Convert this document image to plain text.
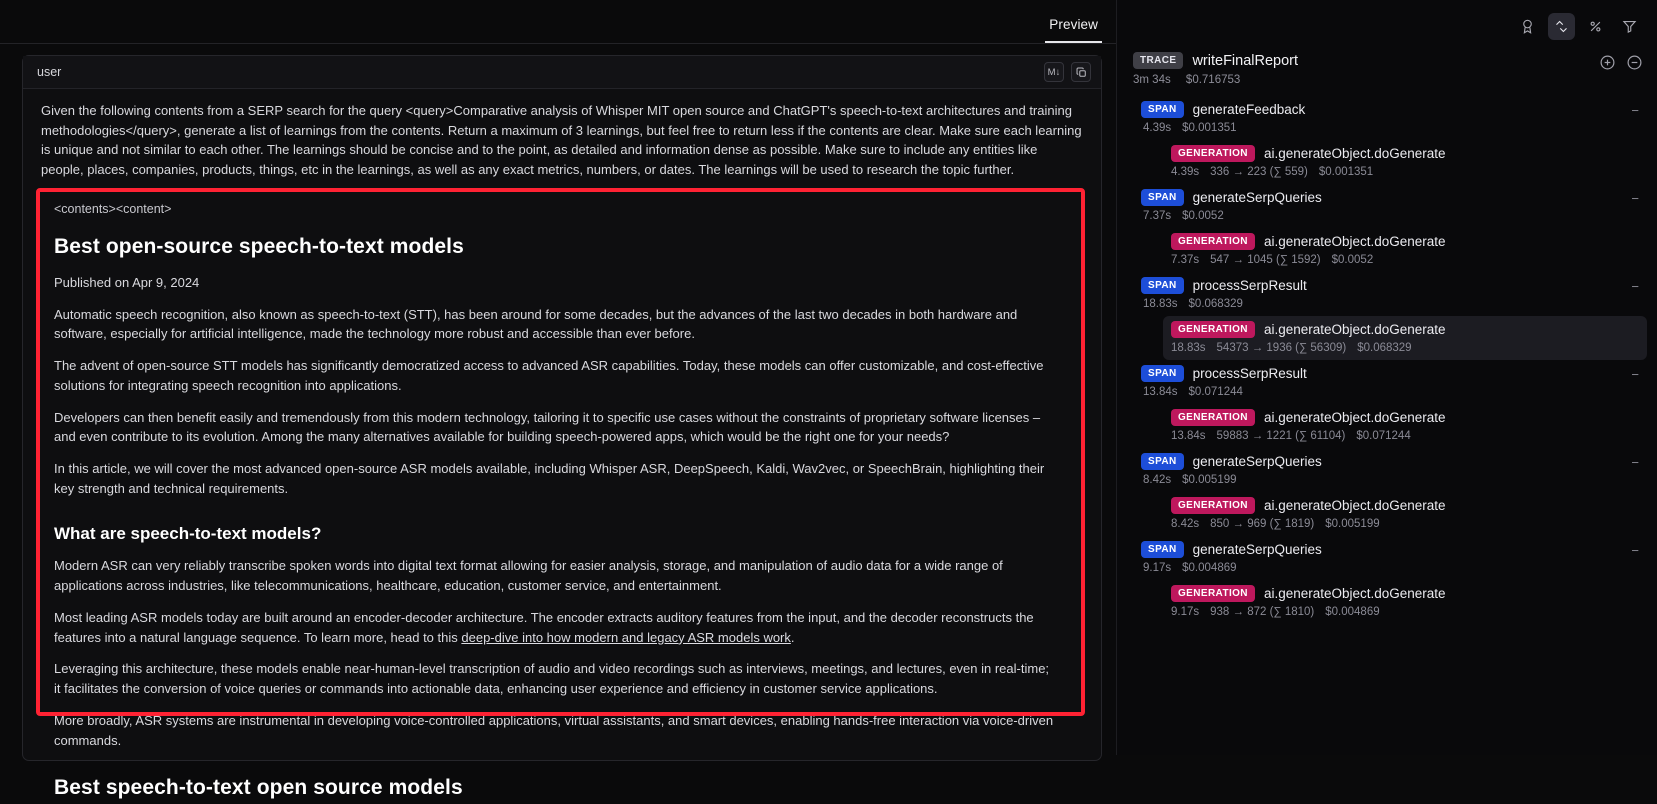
Preview
user	M↓

Given the following contents from a SERP search for the query <query>Comparative analysis of Whisper MIT open source and ChatGPT's speech-to-text architectures and training methodologies</query>, generate a list of learnings from the contents. Return a maximum of 3 learnings, but feel free to return less if the contents are clear. Make sure each learning is unique and not similar to each other. The learnings should be concise and to the point, as detailed and information dense as possible. Make sure to include any entities like people, places, companies, products, things, etc in the learnings, as well as any exact metrics, numbers, or dates. The learnings will be used to research the topic further.

<contents><content>

Best open-source speech-to-text models

Published on Apr 9, 2024

Automatic speech recognition, also known as speech-to-text (STT), has been around for some decades, but the advances of the last two decades in both hardware and software, especially for artificial intelligence, made the technology more robust and accessible than ever before.

The advent of open-source STT models has significantly democratized access to advanced ASR capabilities. Today, these models can offer customizable, and cost-effective solutions for integrating speech recognition into applications.

Developers can then benefit easily and tremendously from this modern technology, tailoring it to specific use cases without the constraints of proprietary software licenses – and even contribute to its evolution. Among the many alternatives available for building speech-powered apps, which would be the right one for your needs?

In this article, we will cover the most advanced open-source ASR models available, including Whisper ASR, DeepSpeech, Kaldi, Wav2vec, or SpeechBrain, highlighting their key strength and technical requirements.

What are speech-to-text models?

Modern ASR can very reliably transcribe spoken words into digital text format allowing for easier analysis, storage, and manipulation of audio data for a wide range of applications across industries, like telecommunications, healthcare, education, customer service, and entertainment.

Most leading ASR models today are built around an encoder-decoder architecture. The encoder extracts auditory features from the input, and the decoder reconstructs the features into a natural language sequence. To learn more, head to this deep-dive into how modern and legacy ASR models work.

Leveraging this architecture, these models enable near-human-level transcription of audio and video recordings such as interviews, meetings, and lectures, even in real-time; it facilitates the conversion of voice queries or commands into actionable data, enhancing user experience and efficiency in customer service applications.

More broadly, ASR systems are instrumental in developing voice-controlled applications, virtual assistants, and smart devices, enabling hands-free interaction via voice-driven commands.

Best speech-to-text open source models
TRACE	writeFinalReport
3m 34s $0.716753
SPAN	generateFeedback
4.39s $0.001351
−
GENERATION	ai.generateObject.doGenerate
4.39s 336 → 223 (∑ 559) $0.001351
SPAN	generateSerpQueries
7.37s $0.0052
−
GENERATION	ai.generateObject.doGenerate
7.37s 547 → 1045 (∑ 1592) $0.0052
SPAN	processSerpResult
18.83s $0.068329
−
GENERATION	ai.generateObject.doGenerate
18.83s 54373 → 1936 (∑ 56309) $0.068329
SPAN	processSerpResult
13.84s $0.071244
−
GENERATION	ai.generateObject.doGenerate
13.84s 59883 → 1221 (∑ 61104) $0.071244
SPAN	generateSerpQueries
8.42s $0.005199
−
GENERATION	ai.generateObject.doGenerate
8.42s 850 → 969 (∑ 1819) $0.005199
SPAN	generateSerpQueries
9.17s $0.004869
−
GENERATION	ai.generateObject.doGenerate
9.17s 938 → 872 (∑ 1810) $0.004869
